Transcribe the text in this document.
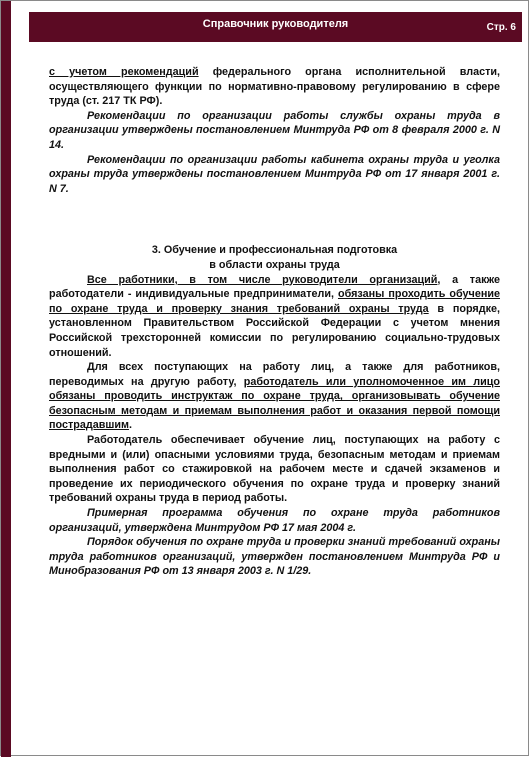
Справочник руководителя	Стр. 6

с учетом рекомендаций федерального органа исполнительной власти, осуществляющего функции по нормативно-правовому регулированию в сфере труда (ст. 217 ТК РФ).

Рекомендации по организации работы службы охраны труда в организации утверждены постановлением Минтруда РФ от 8 февраля 2000 г. N 14.

Рекомендации по организации работы кабинета охраны труда и уголка охраны труда утверждены постановлением Минтруда РФ от 17 января 2001 г. N 7.

3. Обучение и профессиональная подготовка
в области охраны труда

Все работники, в том числе руководители организаций, а также работодатели - индивидуальные предприниматели, обязаны проходить обучение по охране труда и проверку знания требований охраны труда в порядке, установленном Правительством Российской Федерации с учетом мнения Российской трехсторонней комиссии по регулированию социально-трудовых отношений.

Для всех поступающих на работу лиц, а также для работников, переводимых на другую работу, работодатель или уполномоченное им лицо обязаны проводить инструктаж по охране труда, организовывать обучение безопасным методам и приемам выполнения работ и оказания первой помощи пострадавшим.

Работодатель обеспечивает обучение лиц, поступающих на работу с вредными и (или) опасными условиями труда, безопасным методам и приемам выполнения работ со стажировкой на рабочем месте и сдачей экзаменов и проведение их периодического обучения по охране труда и проверку знаний требований охраны труда в период работы.

Примерная программа обучения по охране труда работников организаций, утверждена Минтрудом РФ 17 мая 2004 г.

Порядок обучения по охране труда и проверки знаний требований охраны труда работников организаций, утвержден постановлением Минтруда РФ и Минобразования РФ от 13 января 2003 г. N 1/29.
